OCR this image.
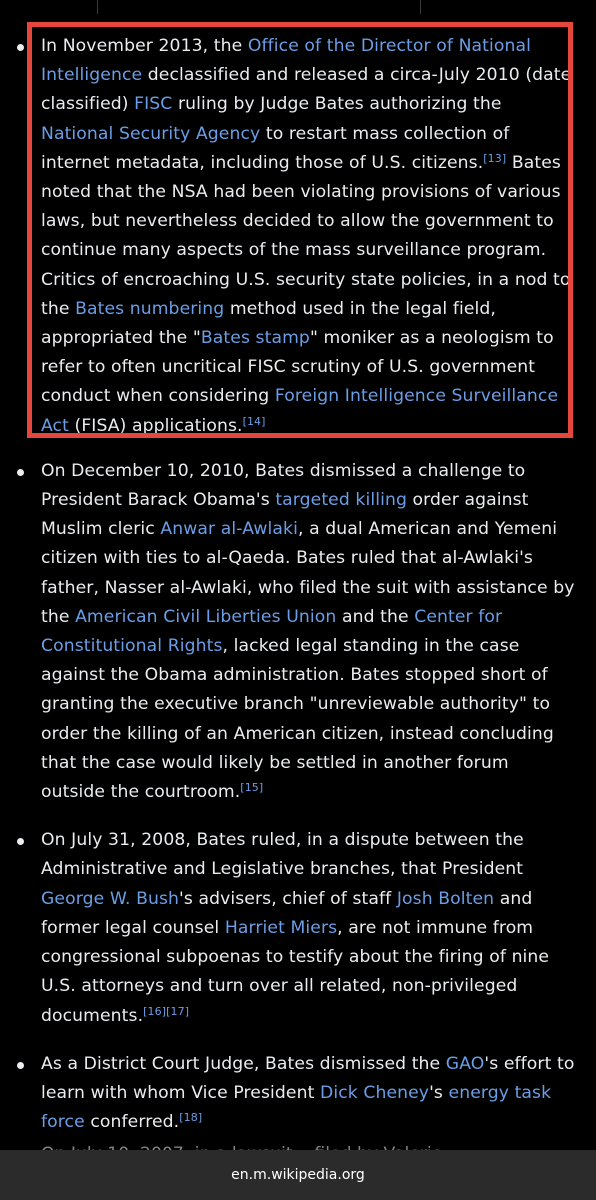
In November 2013, the Office of the Director of National Intelligence declassified and released a circa-July 2010 (date classified) FISC ruling by Judge Bates authorizing the National Security Agency to restart mass collection of internet metadata, including those of U.S. citizens.[13] Bates noted that the NSA had been violating provisions of various laws, but nevertheless decided to allow the government to continue many aspects of the mass surveillance program. Critics of encroaching U.S. security state policies, in a nod to the Bates numbering method used in the legal field, appropriated the "Bates stamp" moniker as a neologism to refer to often uncritical FISC scrutiny of U.S. government conduct when considering Foreign Intelligence Surveillance Act (FISA) applications.[14]
On December 10, 2010, Bates dismissed a challenge to President Barack Obama's targeted killing order against Muslim cleric Anwar al-Awlaki, a dual American and Yemeni citizen with ties to al-Qaeda. Bates ruled that al-Awlaki's father, Nasser al-Awlaki, who filed the suit with assistance by the American Civil Liberties Union and the Center for Constitutional Rights, lacked legal standing in the case against the Obama administration. Bates stopped short of granting the executive branch "unreviewable authority" to order the killing of an American citizen, instead concluding that the case would likely be settled in another forum outside the courtroom.[15]
On July 31, 2008, Bates ruled, in a dispute between the Administrative and Legislative branches, that President George W. Bush's advisers, chief of staff Josh Bolten and former legal counsel Harriet Miers, are not immune from congressional subpoenas to testify about the firing of nine U.S. attorneys and turn over all related, non-privileged documents.[16][17]
As a District Court Judge, Bates dismissed the GAO's effort to learn with whom Vice President Dick Cheney's energy task force conferred.[18]
en.m.wikipedia.org
